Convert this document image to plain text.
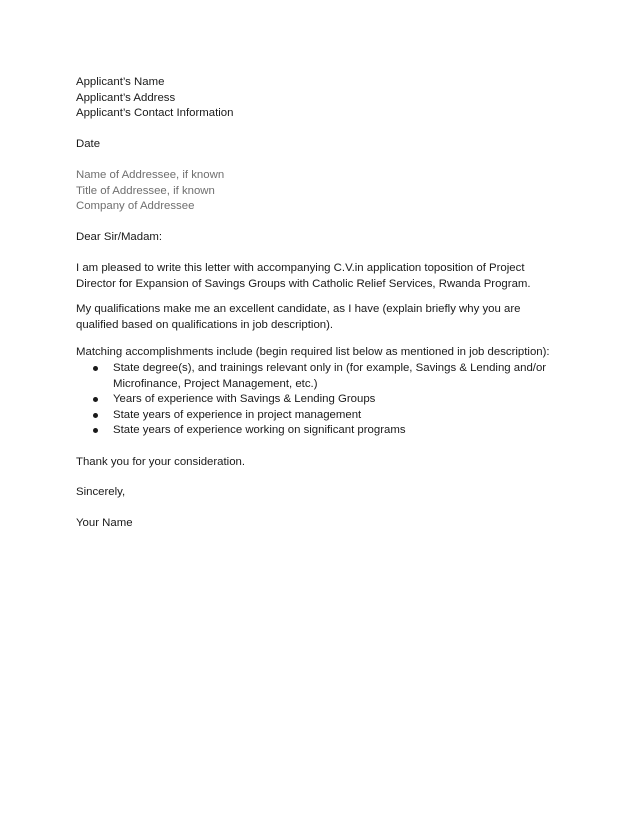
Applicant’s Name
Applicant’s Address
Applicant’s Contact Information
Date
Name of Addressee, if known
Title of Addressee, if known
Company of Addressee
Dear Sir/Madam:
I am pleased to write this letter with accompanying C.V.in application toposition of Project
Director for Expansion of Savings Groups with Catholic Relief Services, Rwanda Program.
My qualifications make me an excellent candidate, as I have (explain briefly why you are
qualified based on qualifications in job description).
Matching accomplishments include (begin required list below as mentioned in job description):
State degree(s), and trainings relevant only in (for example, Savings & Lending and/or
Microfinance, Project Management, etc.)
Years of experience with Savings & Lending Groups
State years of experience in project management
State years of experience working on significant programs
Thank you for your consideration.
Sincerely,
Your Name
